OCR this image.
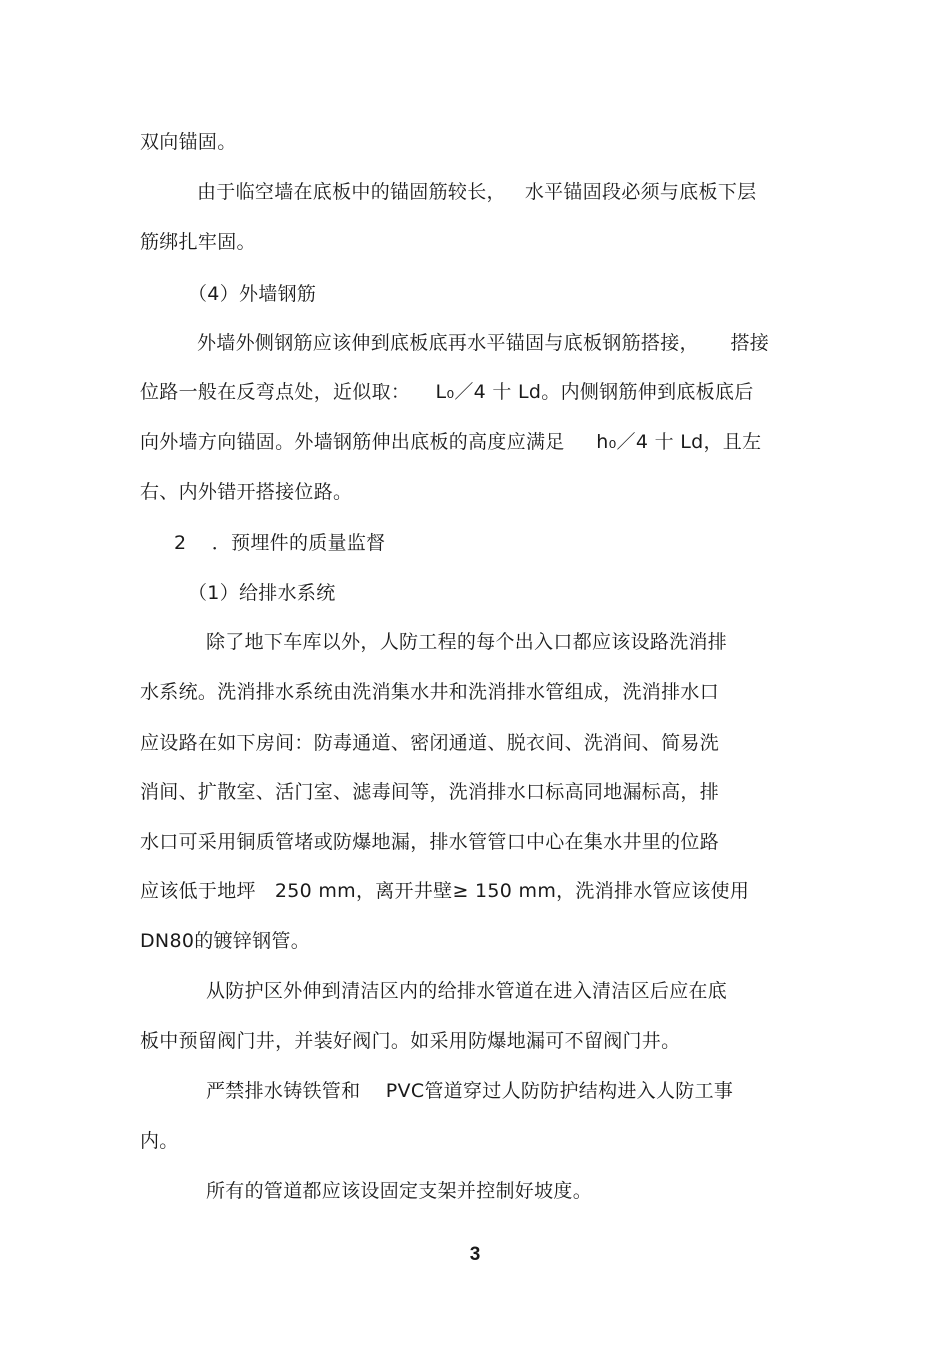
双向锚固。
由于临空墙在底板中的锚固筋较长，   水平锚固段必须与底板下层
筋绑扎牢固。
（4）外墙钢筋
外墙外侧钢筋应该伸到底板底再水平锚固与底板钢筋搭接，     搭接
位路一般在反弯点处，近似取：    L₀／4 十 Ld。内侧钢筋伸到底板底后
向外墙方向锚固。外墙钢筋伸出底板的高度应满足     h₀／4 十 Ld，且左
右、内外错开搭接位路。
2    ．预埋件的质量监督
（1）给排水系统
除了地下车库以外，人防工程的每个出入口都应该设路洗消排
水系统。洗消排水系统由洗消集水井和洗消排水管组成，洗消排水口
应设路在如下房间：防毒通道、密闭通道、脱衣间、洗消间、简易洗
消间、扩散室、活门室、滤毒间等，洗消排水口标高同地漏标高，排
水口可采用铜质管堵或防爆地漏，排水管管口中心在集水井里的位路
应该低于地坪   250 mm，离开井壁≥ 150 mm，洗消排水管应该使用
DN80的镀锌钢管。
从防护区外伸到清洁区内的给排水管道在进入清洁区后应在底
板中预留阀门井，并装好阀门。如采用防爆地漏可不留阀门井。
严禁排水铸铁管和    PVC管道穿过人防防护结构进入人防工事
内。
所有的管道都应该设固定支架并控制好坡度。
3
